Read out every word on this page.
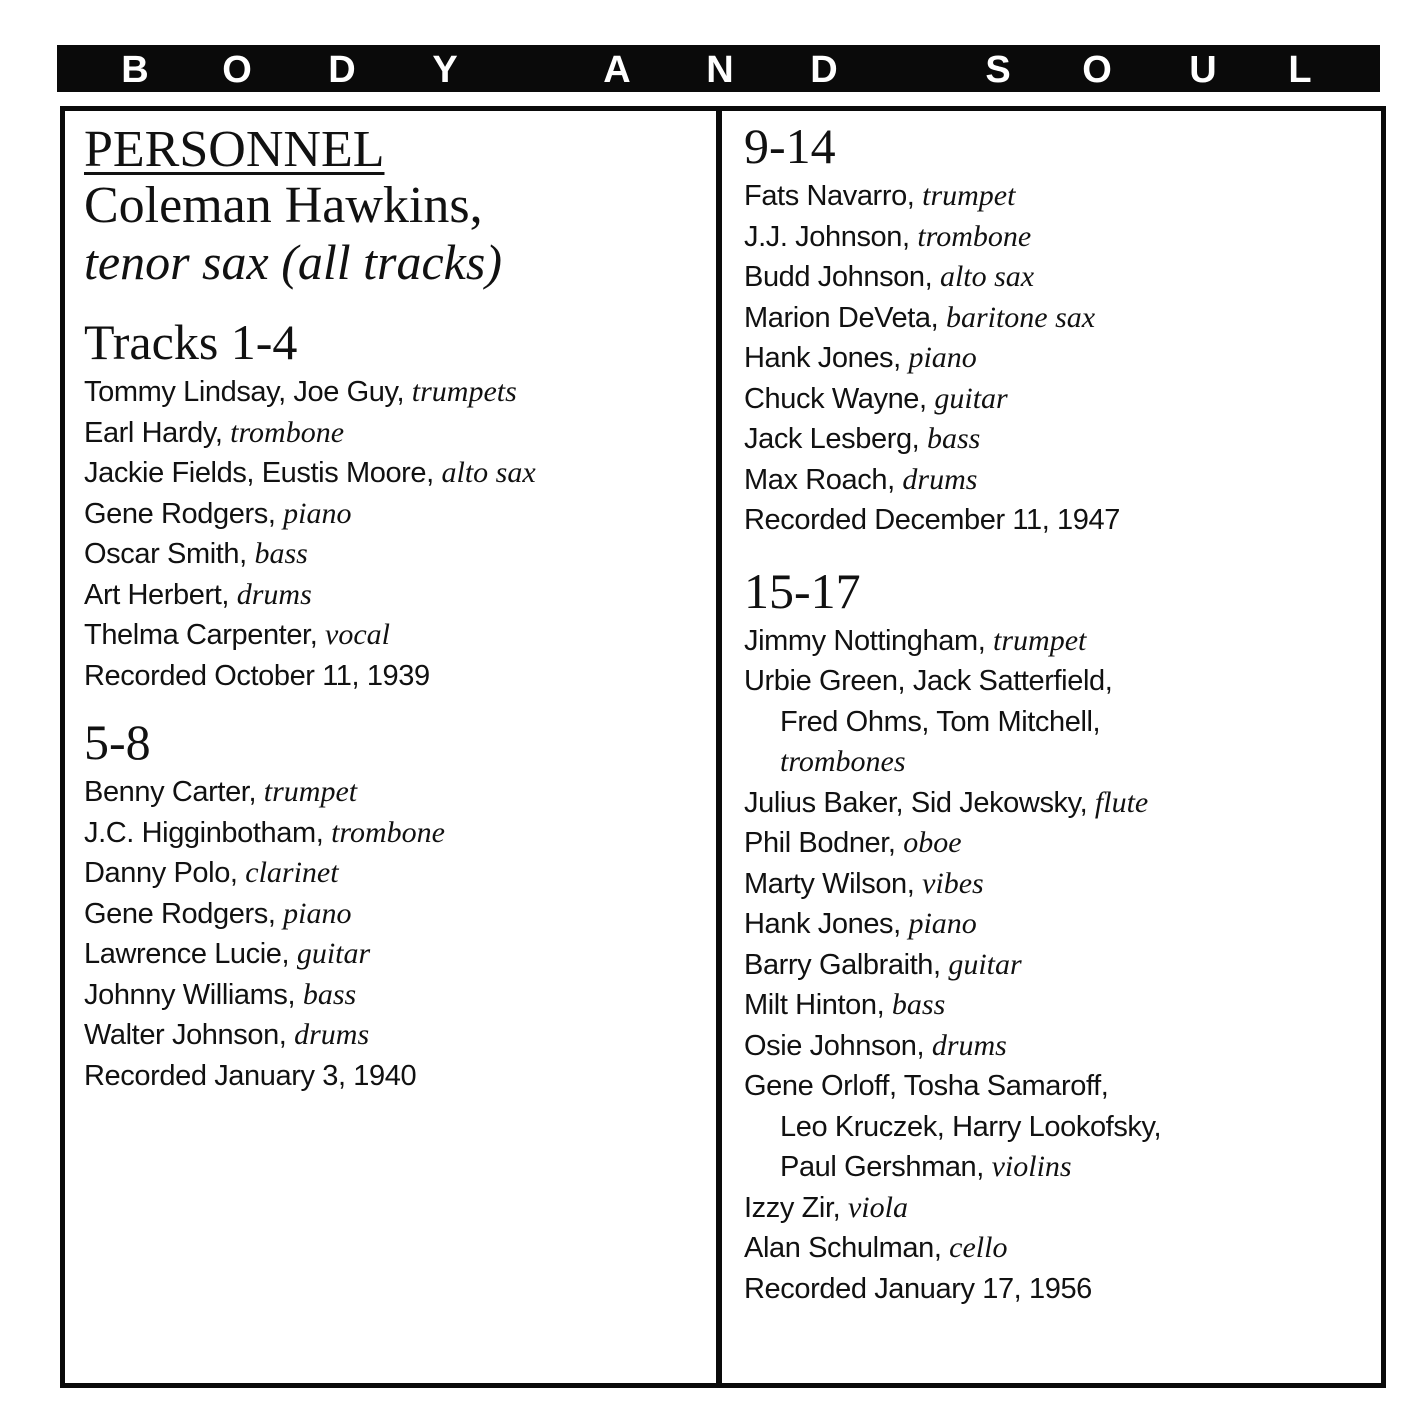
B O D Y	A N D	S O U L
PERSONNEL
Coleman Hawkins,
tenor sax (all tracks)
Tracks 1-4
Tommy Lindsay, Joe Guy, trumpets
Earl Hardy, trombone
Jackie Fields, Eustis Moore, alto sax
Gene Rodgers, piano
Oscar Smith, bass
Art Herbert, drums
Thelma Carpenter, vocal
Recorded October 11, 1939
5-8
Benny Carter, trumpet
J.C. Higginbotham, trombone
Danny Polo, clarinet
Gene Rodgers, piano
Lawrence Lucie, guitar
Johnny Williams, bass
Walter Johnson, drums
Recorded January 3, 1940
9-14
Fats Navarro, trumpet
J.J. Johnson, trombone
Budd Johnson, alto sax
Marion DeVeta, baritone sax
Hank Jones, piano
Chuck Wayne, guitar
Jack Lesberg, bass
Max Roach, drums
Recorded December 11, 1947
15-17
Jimmy Nottingham, trumpet
Urbie Green, Jack Satterfield,
Fred Ohms, Tom Mitchell,
trombones
Julius Baker, Sid Jekowsky, flute
Phil Bodner, oboe
Marty Wilson, vibes
Hank Jones, piano
Barry Galbraith, guitar
Milt Hinton, bass
Osie Johnson, drums
Gene Orloff, Tosha Samaroff,
Leo Kruczek, Harry Lookofsky,
Paul Gershman, violins
Izzy Zir, viola
Alan Schulman, cello
Recorded January 17, 1956
